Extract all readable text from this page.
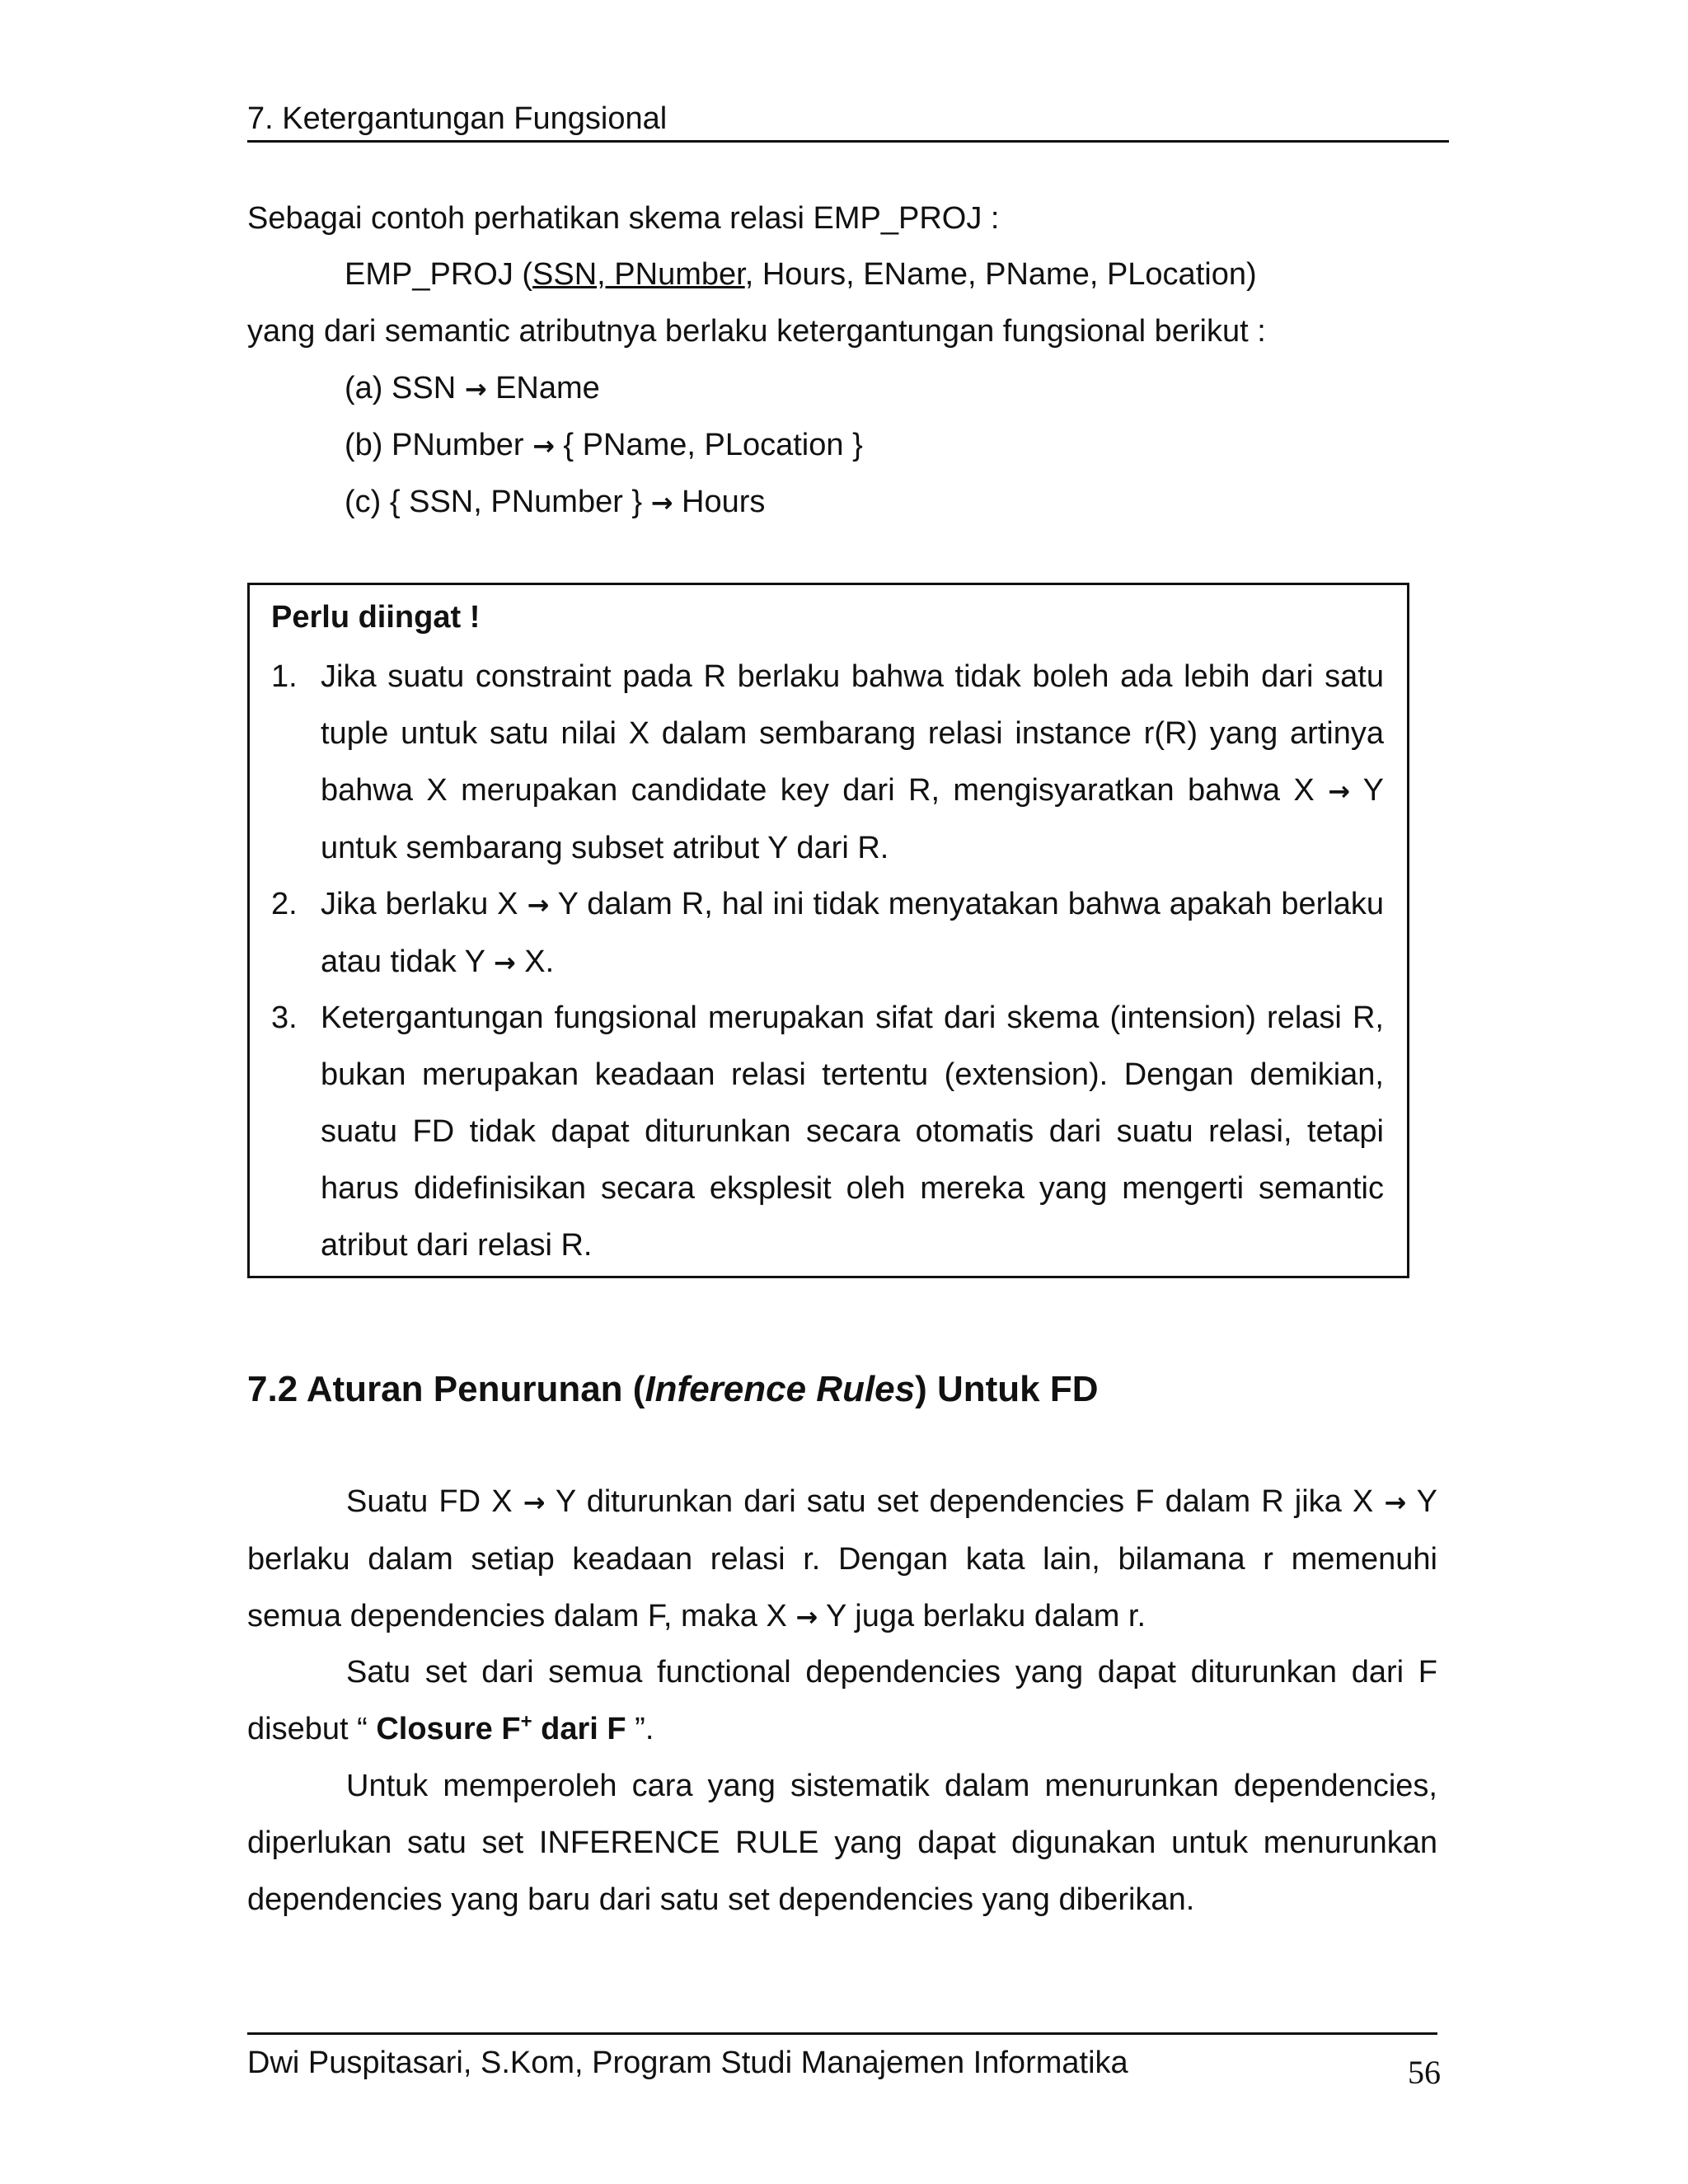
7. Ketergantungan Fungsional
Sebagai contoh perhatikan skema relasi EMP_PROJ :
EMP_PROJ (SSN, PNumber, Hours, EName, PName, PLocation)
yang dari semantic atributnya berlaku ketergantungan fungsional berikut :
(a) SSN → EName
(b) PNumber → { PName, PLocation }
(c) { SSN, PNumber } → Hours
Perlu diingat !
1. Jika suatu constraint pada R berlaku bahwa tidak boleh ada lebih dari satu tuple untuk satu nilai X dalam sembarang relasi instance r(R) yang artinya bahwa X merupakan candidate key dari R, mengisyaratkan bahwa X → Y untuk sembarang subset atribut Y dari R.
2. Jika berlaku X → Y dalam R, hal ini tidak menyatakan bahwa apakah berlaku atau tidak Y → X.
3. Ketergantungan fungsional merupakan sifat dari skema (intension) relasi R, bukan merupakan keadaan relasi tertentu (extension). Dengan demikian, suatu FD tidak dapat diturunkan secara otomatis dari suatu relasi, tetapi harus didefinisikan secara eksplesit oleh mereka yang mengerti semantic atribut dari relasi R.
7.2 Aturan Penurunan (Inference Rules) Untuk FD
Suatu FD X → Y diturunkan dari satu set dependencies F dalam R jika X → Y berlaku dalam setiap keadaan relasi r. Dengan kata lain, bilamana r memenuhi semua dependencies dalam F, maka X → Y juga berlaku dalam r.
Satu set dari semua functional dependencies yang dapat diturunkan dari F disebut “ Closure F+ dari F ”.
Untuk memperoleh cara yang sistematik dalam menurunkan dependencies, diperlukan satu set INFERENCE RULE yang dapat digunakan untuk menurunkan dependencies yang baru dari satu set dependencies yang diberikan.
Dwi Puspitasari, S.Kom, Program Studi Manajemen Informatika	56
